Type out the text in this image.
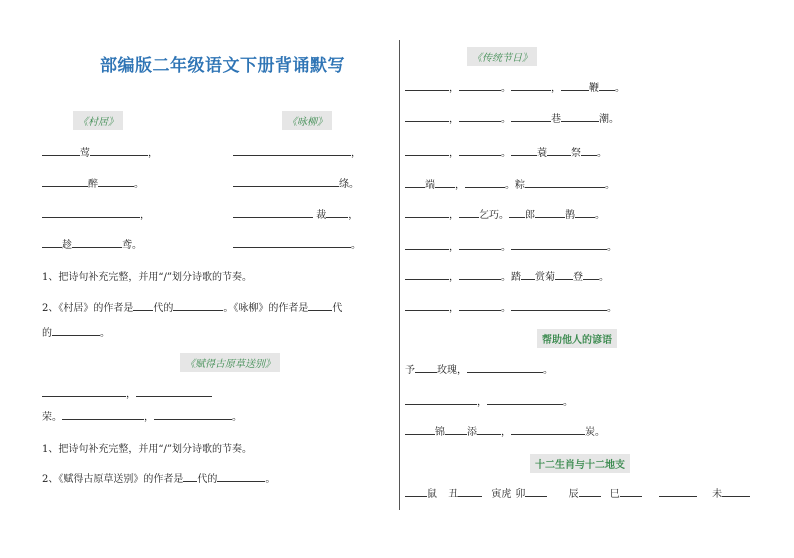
部编版二年级语文下册背诵默写
《村居》	《咏柳》
莺	，	，
醉	。	绦。
，	裁 ，
趁	鸢。	。
1、把诗句补充完整，并用“/”划分诗歌的节奏。
2、《村居》的作者是 代的	。《咏柳》的作者是 代
的	。
《赋得古原草送别》
，
荣。	，	。
1、把诗句补充完整，并用“/”划分诗歌的节奏。
2、《赋得古原草送别》的作者是 代的	。
《传统节日》
，	。	，	鞭 。
，	。	巷	潮。
，	。	蓑 祭 。
端 ，	。粽	。
， 乞巧。 郎	鹊 。
，	。	。
，	。踏 赏菊 登 。
，	。	。
帮助他人的谚语
予 玫瑰，	。
，	。
锦 添 ，	炭。
十二生肖与十二地支
鼠 丑	寅虎 卯	辰	巳	未
